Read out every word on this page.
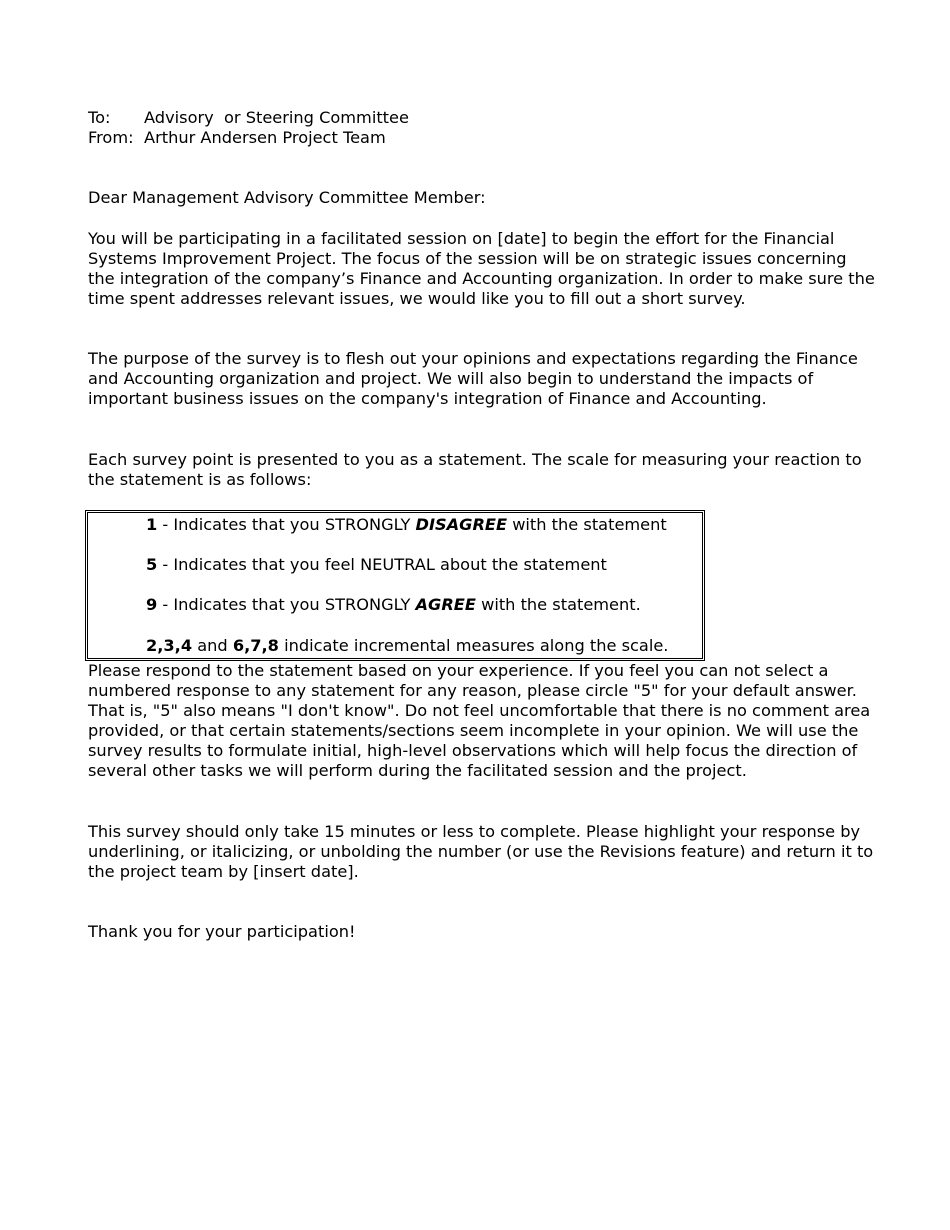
To: Advisory  or Steering Committee
From: Arthur Andersen Project Team

Dear Management Advisory Committee Member:

You will be participating in a facilitated session on [date] to begin the effort for the Financial Systems Improvement Project. The focus of the session will be on strategic issues concerning the integration of the company’s Finance and Accounting organization. In order to make sure the time spent addresses relevant issues, we would like you to fill out a short survey.

The purpose of the survey is to flesh out your opinions and expectations regarding the Finance and Accounting organization and project. We will also begin to understand the impacts of important business issues on the company's integration of Finance and Accounting.

Each survey point is presented to you as a statement. The scale for measuring your reaction to the statement is as follows:

1 - Indicates that you STRONGLY DISAGREE with the statement
5 - Indicates that you feel NEUTRAL about the statement
9 - Indicates that you STRONGLY AGREE with the statement.
2,3,4 and 6,7,8 indicate incremental measures along the scale.

Please respond to the statement based on your experience. If you feel you can not select a numbered response to any statement for any reason, please circle "5" for your default answer. That is, "5" also means "I don't know". Do not feel uncomfortable that there is no comment area provided, or that certain statements/sections seem incomplete in your opinion. We will use the survey results to formulate initial, high-level observations which will help focus the direction of several other tasks we will perform during the facilitated session and the project.

This survey should only take 15 minutes or less to complete. Please highlight your response by underlining, or italicizing, or unbolding the number (or use the Revisions feature) and return it to the project team by [insert date].

Thank you for your participation!
